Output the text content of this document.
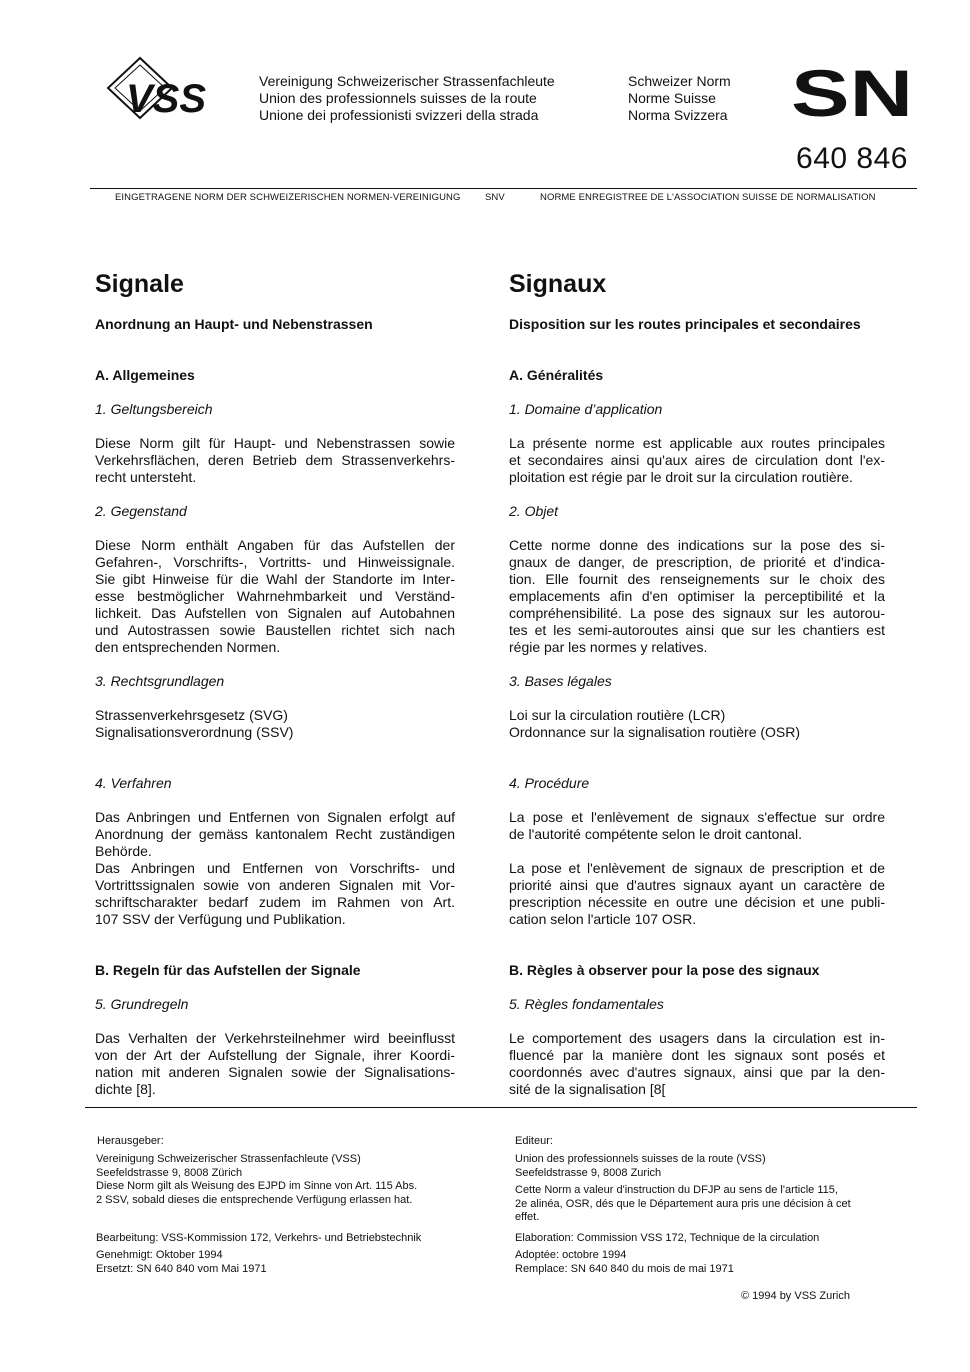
VSS	Vereinigung Schweizerischer Strassenfachleute
Union des professionnels suisses de la route
Unione dei professionisti svizzeri della strada
Schweizer Norm
Norme Suisse
Norma Svizzera SN
640 846
EINGETRAGENE NORM DER SCHWEIZERISCHEN NORMEN-VEREINIGUNG	SNV	NORME ENREGISTREE DE L'ASSOCIATION SUISSE DE NORMALISATION
Signale
Anordnung an Haupt- und Nebenstrassen
A. Allgemeines
1. Geltungsbereich
Diese Norm gilt für Haupt- und Nebenstrassen sowie
Verkehrsflächen, deren Betrieb dem Strassenverkehrs-
recht untersteht.
2. Gegenstand
Diese Norm enthält Angaben für das Aufstellen der
Gefahren-, Vorschrifts-, Vortritts- und Hinweissignale.
Sie gibt Hinweise für die Wahl der Standorte im Inter-
esse bestmöglicher Wahrnehmbarkeit und Verständ-
lichkeit. Das Aufstellen von Signalen auf Autobahnen
und Autostrassen sowie Baustellen richtet sich nach
den entsprechenden Normen.
3. Rechtsgrundlagen
Strassenverkehrsgesetz (SVG)
Signalisationsverordnung (SSV)
4. Verfahren
Das Anbringen und Entfernen von Signalen erfolgt auf
Anordnung der gemäss kantonalem Recht zuständigen
Behörde.
Das Anbringen und Entfernen von Vorschrifts- und
Vortrittssignalen sowie von anderen Signalen mit Vor-
schriftscharakter bedarf zudem im Rahmen von Art.
107 SSV der Verfügung und Publikation.
B. Regeln für das Aufstellen der Signale
5. Grundregeln
Das Verhalten der Verkehrsteilnehmer wird beeinflusst
von der Art der Aufstellung der Signale, ihrer Koordi-
nation mit anderen Signalen sowie der Signalisations-
dichte [8].
Signaux
Disposition sur les routes principales et secondaires
A. Généralités
1. Domaine d’application
La présente norme est applicable aux routes principales
et secondaires ainsi qu'aux aires de circulation dont l'ex-
ploitation est régie par le droit sur la circulation routière.
2. Objet
Cette norme donne des indications sur la pose des si-
gnaux de danger, de prescription, de priorité et d'indica-
tion. Elle fournit des renseignements sur le choix des
emplacements afin d'en optimiser la perceptibilité et la
compréhensibilité. La pose des signaux sur les autorou-
tes et les semi-autoroutes ainsi que sur les chantiers est
régie par les normes y relatives.
3. Bases légales
Loi sur la circulation routière (LCR)
Ordonnance sur la signalisation routière (OSR)
4. Procédure
La pose et l'enlèvement de signaux s'effectue sur ordre
de l'autorité compétente selon le droit cantonal.
La pose et l'enlèvement de signaux de prescription et de
priorité ainsi que d'autres signaux ayant un caractère de
prescription nécessite en outre une décision et une publi-
cation selon l'article 107 OSR.
B. Règles à observer pour la pose des signaux
5. Règles fondamentales
Le comportement des usagers dans la circulation est in-
fluencé par la manière dont les signaux sont posés et
coordonnés avec d'autres signaux, ainsi que par la den-
sité de la signalisation [8[
Herausgeber:
Vereinigung Schweizerischer Strassenfachleute (VSS)
Seefeldstrasse 9, 8008 Zürich
Diese Norm gilt als Weisung des EJPD im Sinne von Art. 115 Abs.
2 SSV, sobald dieses die entsprechende Verfügung erlassen hat.
Bearbeitung: VSS-Kommission 172, Verkehrs- und Betriebstechnik
Genehmigt: Oktober 1994
Ersetzt: SN 640 840 vom Mai 1971
Editeur:
Union des professionnels suisses de la route (VSS)
Seefeldstrasse 9, 8008 Zurich
Cette Norm a valeur d'instruction du DFJP au sens de l'article 115,
2e alinéa, OSR, dés que le Département aura pris une décision à cet
effet.
Elaboration: Commission VSS 172, Technique de la circulation
Adoptée: octobre 1994
Remplace: SN 640 840 du mois de mai 1971
© 1994 by VSS Zurich
